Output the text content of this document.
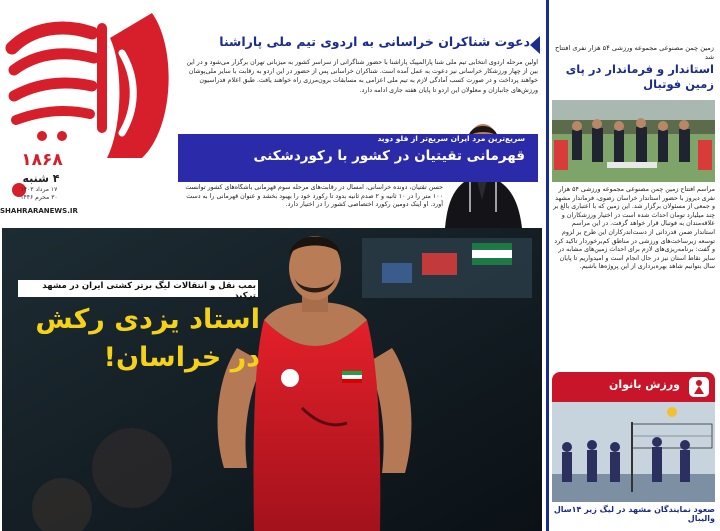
۱۸۶۸
۴ شنبه
۱۷ مرداد ۱۴۰۳
۳۰ محرم ۱۴۴۶
SHAHRARANEWS.IR
دعوت شناکران خراسانی به اردوی تیم ملی پاراشنا
اولین مرحله اردوی انتخابی تیم ملی شنا پارالمپیک پاراشنا با حضور شناگرانی از سراسر کشور به میزبانی تهران برگزار می‌شود و در این بین از چهار ورزشکار خراسانی نیز دعوت به عمل آمده است. شناکران خراسانی پس از حضور در این اردو به رقابت با سایر ملی‌پوشان خواهند پرداخت و در صورت کسب آمادگی لازم به تیم ملی اعزامی به مسابقات برون‌مرزی راه خواهند یافت. طبق اعلام فدراسیون ورزش‌های جانبازان و معلولان این اردو تا پایان هفته جاری ادامه دارد.
سریع‌ترین مرد ایران سریع‌تر از فلو دوید
قهرمانی تقیتیان در کشور با رکوردشکنی
حسن تقتیان، دونده خراسانی، امسال در رقابت‌های مرحله سوم قهرمانی باشگاه‌های کشور توانست ۱۰۰ متر را در ۱۰ ثانیه و ۲ صدم ثانیه بدود تا رکورد خود را بهبود بخشد و عنوان قهرمانی را به دست آورد. او اینک دومین رکورد اختصاصی کشور را در اختیار دارد.
بمب نقل و انتقالات لیگ برتر کشتی ایران در مشهد ترکید
استاد یزدی رکش
در خراسان!
زمین چمن مصنوعی مجموعه ورزشی ۵۴ هزار نفری افتتاح شد
استاندار و فرماندار در پای زمین فوتبال
مراسم افتتاح زمین چمن مصنوعی مجموعه ورزشی ۵۴ هزار نفری دیروز با حضور استاندار خراسان رضوی، فرماندار مشهد و جمعی از مسئولان برگزار شد. این زمین که با اعتباری بالغ بر چند میلیارد تومان احداث شده است در اختیار ورزشکاران و علاقه‌مندان به فوتبال قرار خواهد گرفت. در این مراسم استاندار ضمن قدردانی از دست‌اندرکاران این طرح بر لزوم توسعه زیرساخت‌های ورزشی در مناطق کم‌برخوردار تاکید کرد و گفت: برنامه‌ریزی‌های لازم برای احداث زمین‌های مشابه در سایر نقاط استان نیز در حال انجام است و امیدواریم تا پایان سال بتوانیم شاهد بهره‌برداری از این پروژه‌ها باشیم.
ورزش بانوان
صعود نمایندگان مشهد در لیگ زیر ۱۴سال والیبال
